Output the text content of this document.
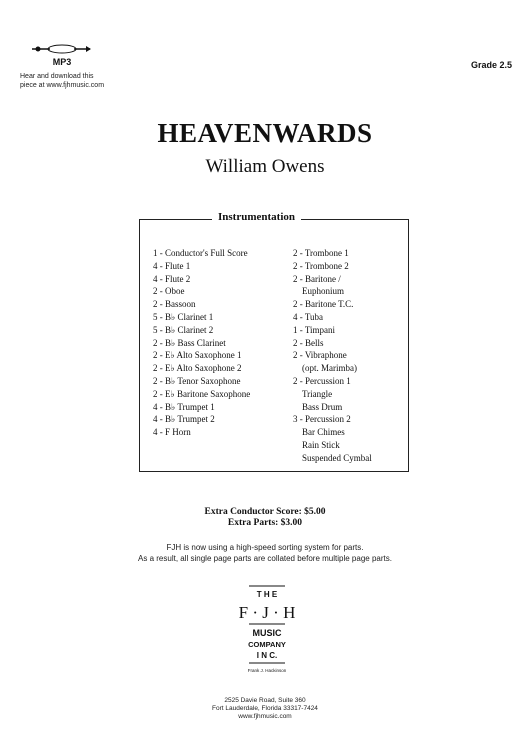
MP3
Hear and download this
piece at www.fjhmusic.com
Grade 2.5
HEAVENWARDS
William Owens
Instrumentation
1 - Conductor's Full Score
4 - Flute 1
4 - Flute 2
2 - Oboe
2 - Bassoon
5 - B♭ Clarinet 1
5 - B♭ Clarinet 2
2 - B♭ Bass Clarinet
2 - E♭ Alto Saxophone 1
2 - E♭ Alto Saxophone 2
2 - B♭ Tenor Saxophone
2 - E♭ Baritone Saxophone
4 - B♭ Trumpet 1
4 - B♭ Trumpet 2
4 - F Horn
2 - Trombone 1
2 - Trombone 2
2 - Baritone /
Euphonium
2 - Baritone T.C.
4 - Tuba
1 - Timpani
2 - Bells
2 - Vibraphone
(opt. Marimba)
2 - Percussion 1
Triangle
Bass Drum
3 - Percussion 2
Bar Chimes
Rain Stick
Suspended Cymbal
Extra Conductor Score: $5.00
Extra Parts: $3.00
FJH is now using a high-speed sorting system for parts.
As a result, all single page parts are collated before multiple page parts.
T H E
F · J · H
MUSIC
COMPANY
I N C.
Frank J. Hackinson
2525 Davie Road, Suite 360
Fort Lauderdale, Florida 33317-7424
www.fjhmusic.com
